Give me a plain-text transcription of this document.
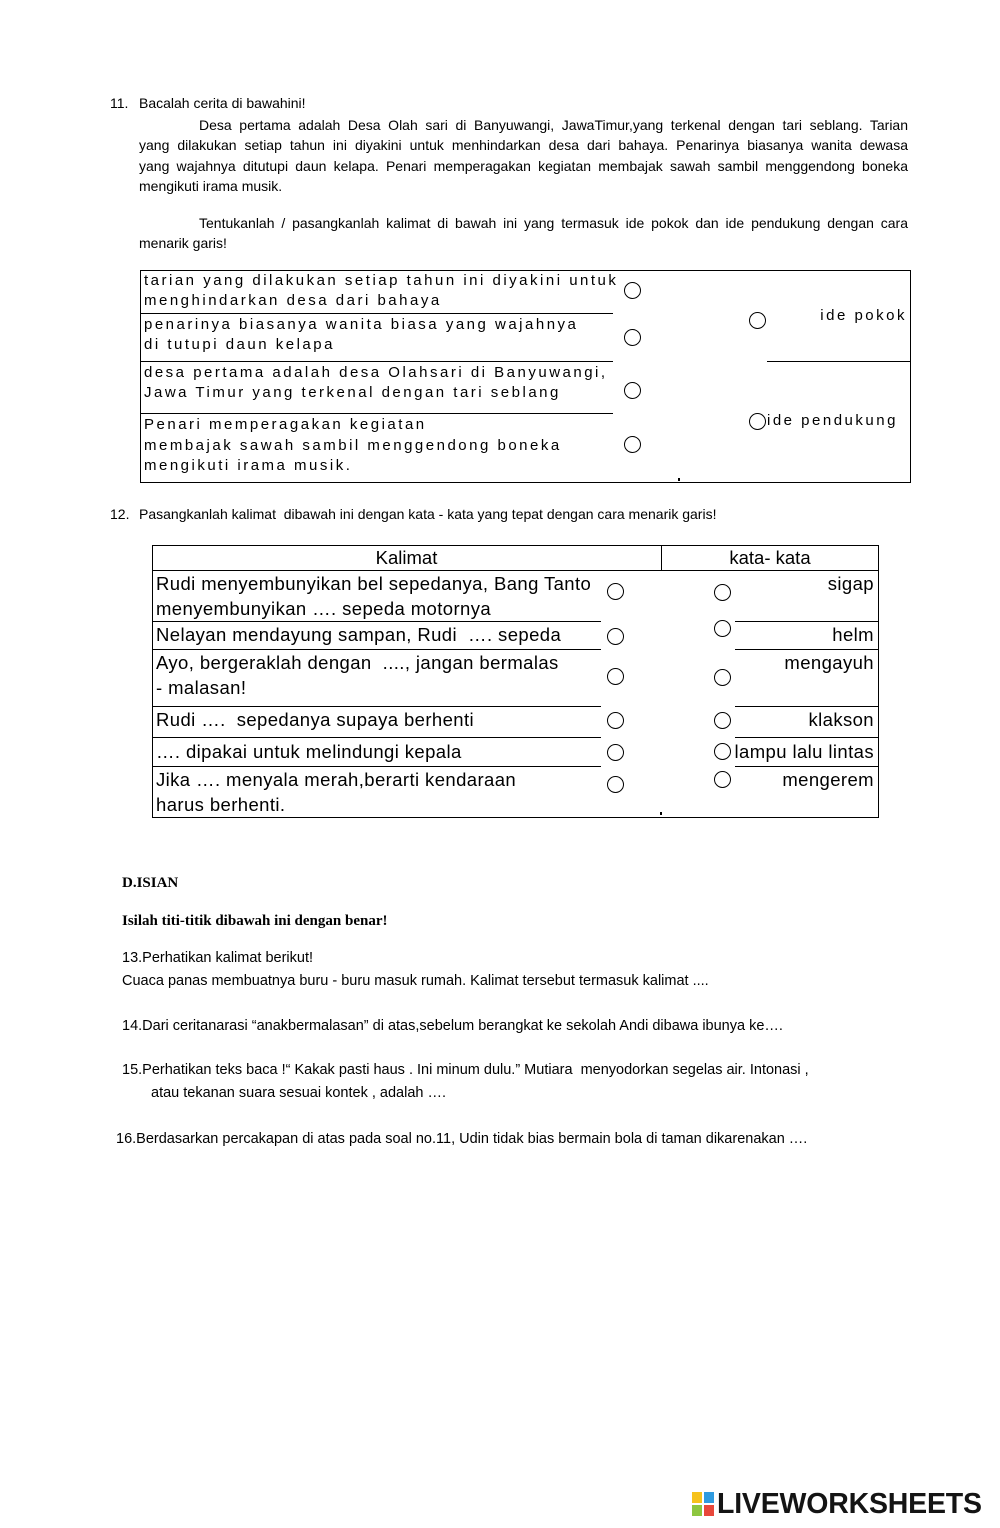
11. Bacalah cerita di bawahini!
Desa pertama adalah Desa Olah sari di Banyuwangi, JawaTimur,yang terkenal dengan tari seblang. Tarian
yang dilakukan setiap tahun ini diyakini untuk menhindarkan desa dari bahaya. Penarinya biasanya wanita dewasa
yang wajahnya ditutupi daun kelapa. Penari memperagakan kegiatan membajak sawah sambil menggendong boneka
mengikuti irama musik.
Tentukanlah / pasangkanlah kalimat di bawah ini yang termasuk ide pokok dan ide pendukung dengan cara
menarik garis!
tarian yang dilakukan setiap tahun ini diyakini untuk
menghindarkan desa dari bahaya
penarinya biasanya wanita biasa yang wajahnya
di tutupi daun kelapa
desa pertama adalah desa Olahsari di Banyuwangi,
Jawa Timur yang terkenal dengan tari seblang
Penari memperagakan kegiatan
membajak sawah sambil menggendong boneka
mengikuti irama musik.
ide pokok
ide pendukung
12. Pasangkanlah kalimat  dibawah ini dengan kata - kata yang tepat dengan cara menarik garis!
Kalimat	kata- kata
Rudi menyembunyikan bel sepedanya, Bang Tanto
menyembunyikan …. sepeda motornya
Nelayan mendayung sampan, Rudi  …. sepeda
Ayo, bergeraklah dengan  ...., jangan bermalas
- malasan!
Rudi ….  sepedanya supaya berhenti
…. dipakai untuk melindungi kepala
Jika …. menyala merah,berarti kendaraan
harus berhenti.
sigap
helm
mengayuh
klakson
lampu lalu lintas
mengerem
D.ISIAN
Isilah titi-titik dibawah ini dengan benar!
13.Perhatikan kalimat berikut!
Cuaca panas membuatnya buru - buru masuk rumah. Kalimat tersebut termasuk kalimat ....
14.Dari ceritanarasi “anakbermalasan” di atas,sebelum berangkat ke sekolah Andi dibawa ibunya ke….
15.Perhatikan teks baca !“ Kakak pasti haus . Ini minum dulu.” Mutiara  menyodorkan segelas air. Intonasi ,
atau tekanan suara sesuai kontek , adalah ….
16.Berdasarkan percakapan di atas pada soal no.11, Udin tidak bias bermain bola di taman dikarenakan ….
LIVEWORKSHEETS
